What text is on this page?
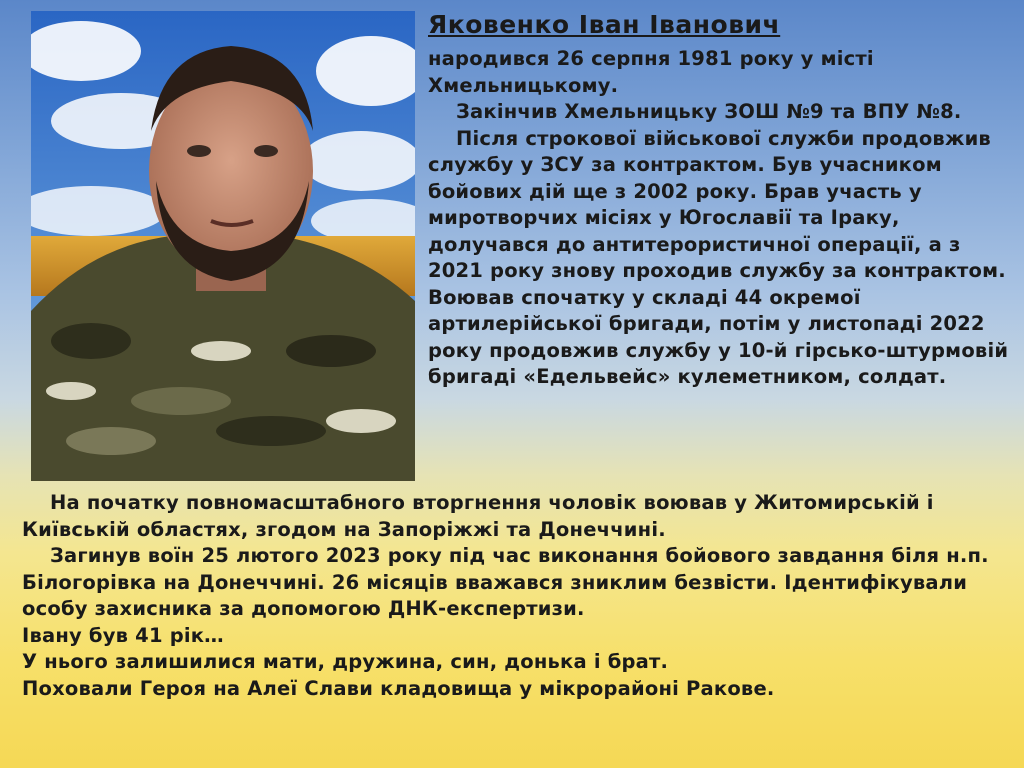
Яковенко Іван Іванович

народився 26 серпня 1981 року у місті Хмельницькому.

Закінчив Хмельницьку ЗОШ №9 та ВПУ №8.

Після строкової військової служби продовжив службу у ЗСУ за контрактом. Був учасником бойових дій ще з 2002 року. Брав участь у миротворчих місіях у Югославії та Іраку, долучався до антитерористичної операції, а з 2021 року знову проходив службу за контрактом. Воював спочатку у складі 44 окремої артилерійської бригади, потім у листопаді 2022 року продовжив службу у 10-й гірсько-штурмовій бригаді «Едельвейс» кулеметником, солдат.

На початку повномасштабного вторгнення чоловік воював у Житомирській і Київській областях, згодом на Запоріжжі та Донеччині.

Загинув воїн 25 лютого 2023 року під час виконання бойового завдання біля н.п. Білогорівка на Донеччині. 26 місяців вважався зниклим безвісти. Ідентифікували особу захисника за допомогою ДНК-експертизи.

Івану був 41 рік…

У нього залишилися мати, дружина, син, донька і брат.

Поховали Героя на Алеї Слави кладовища у мікрорайоні Ракове.
